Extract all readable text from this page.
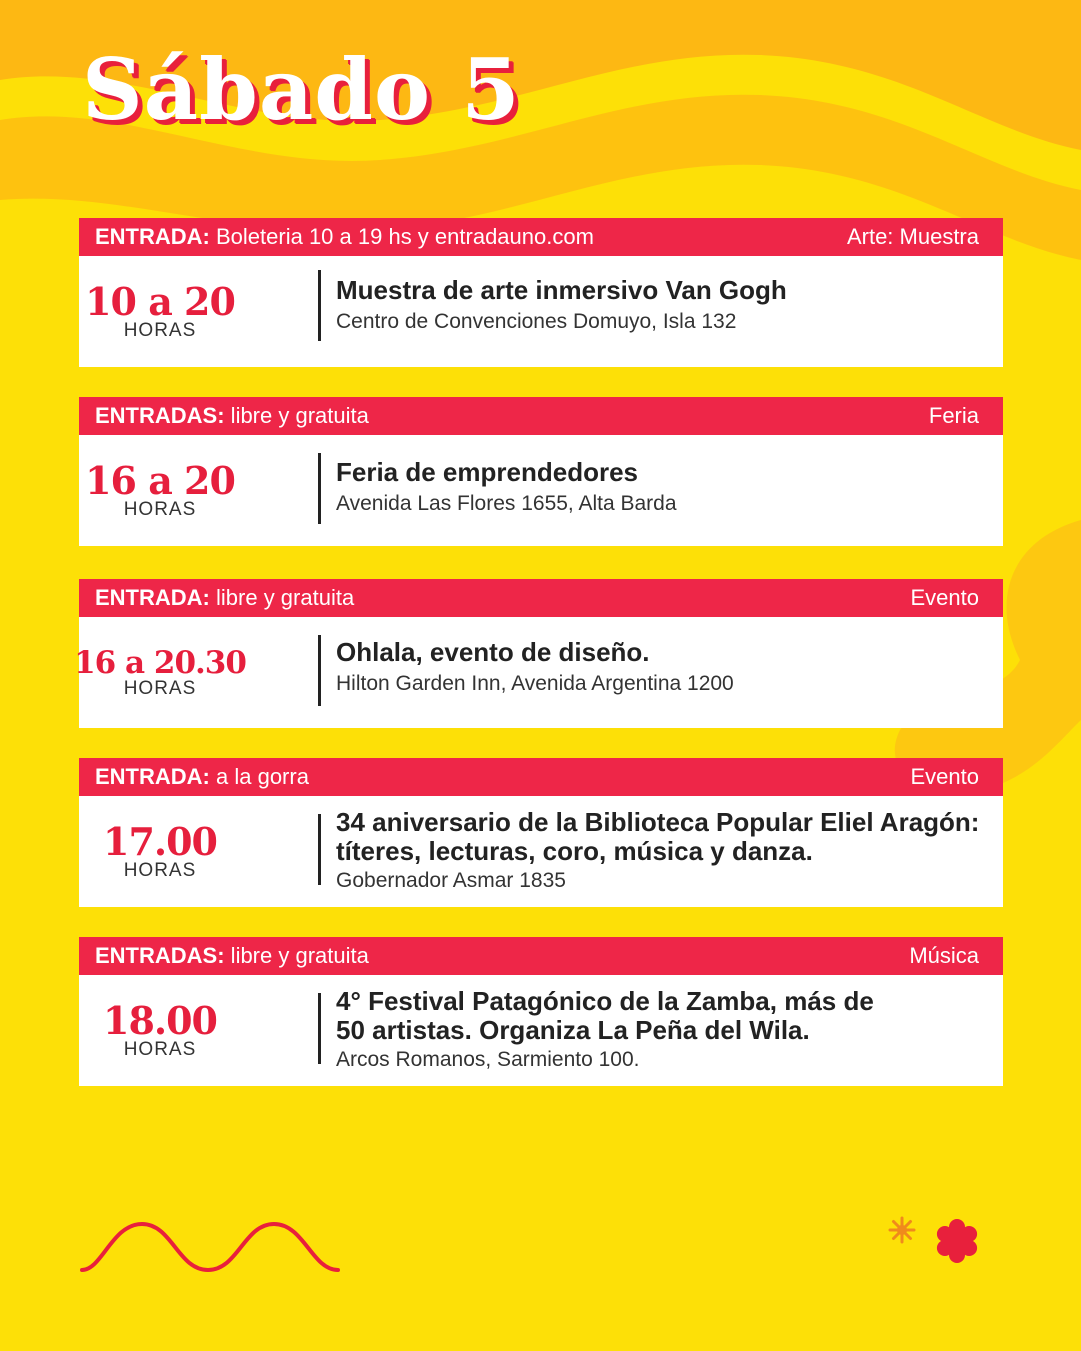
Sábado 5
ENTRADA: Boleteria 10 a 19 hs y entradauno.com	Arte: Muestra
10 a 20
HORAS
Muestra de arte inmersivo Van Gogh
Centro de Convenciones Domuyo, Isla 132
ENTRADAS: libre y gratuita	Feria
16 a 20
HORAS
Feria de emprendedores
Avenida Las Flores 1655, Alta Barda
ENTRADA: libre y gratuita	Evento
16 a 20.30
HORAS
Ohlala, evento de diseño.
Hilton Garden Inn, Avenida Argentina 1200
ENTRADA: a la gorra	Evento
17.00
HORAS
34 aniversario de la Biblioteca Popular Eliel Aragón:
títeres, lecturas, coro, música y danza.
Gobernador Asmar 1835
ENTRADAS: libre y gratuita	Música
18.00
HORAS
4° Festival Patagónico de la Zamba, más de
50 artistas. Organiza La Peña del Wila.
Arcos Romanos, Sarmiento 100.
